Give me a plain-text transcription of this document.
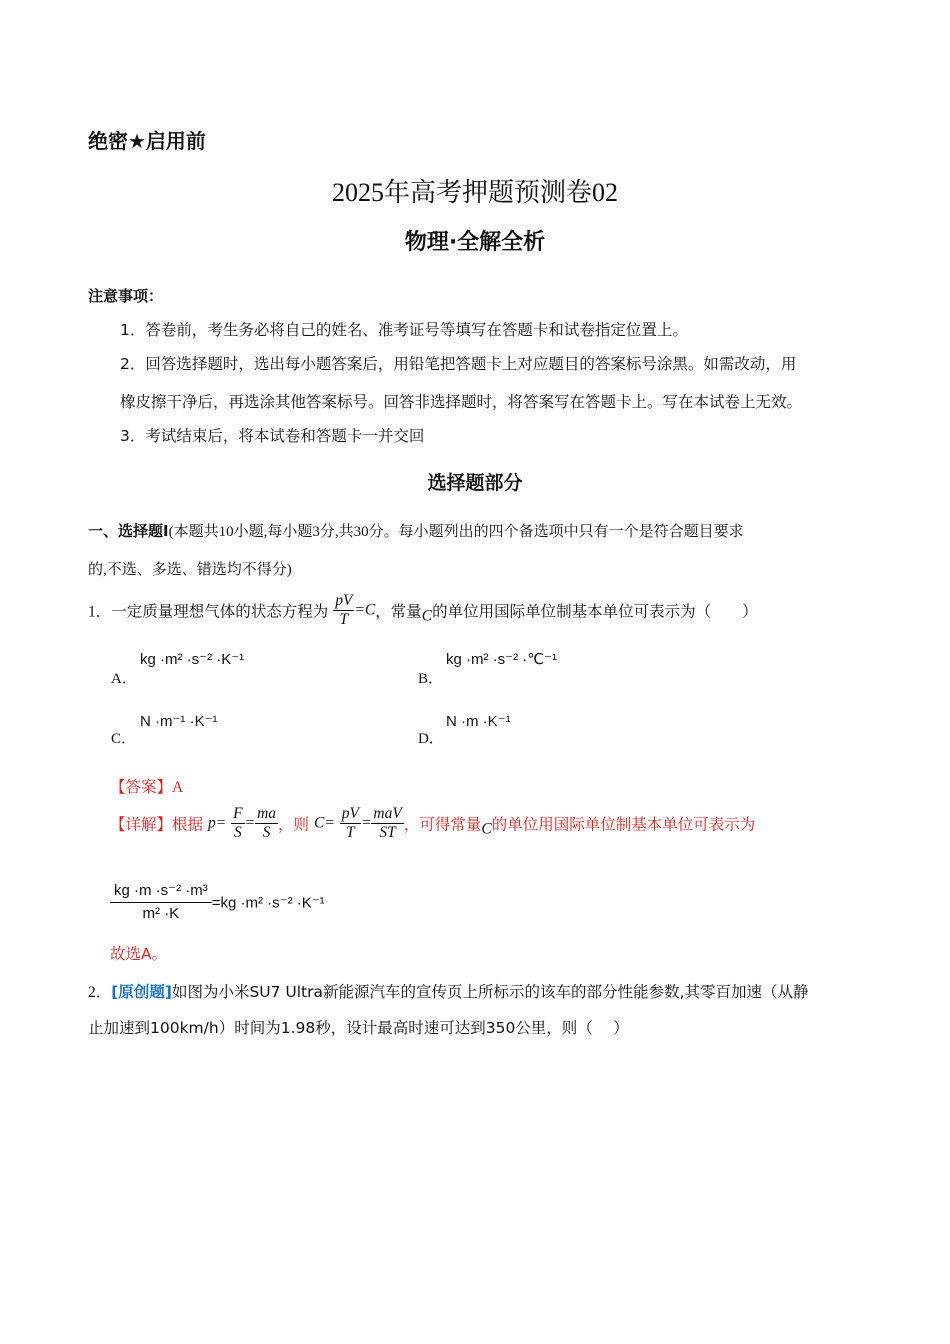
绝密★启用前
2025年高考押题预测卷02
物理·全解全析
注意事项：
1．答卷前，考生务必将自己的姓名、准考证号等填写在答题卡和试卷指定位置上。
2．回答选择题时，选出每小题答案后，用铅笔把答题卡上对应题目的答案标号涂黑。如需改动，用
橡皮擦干净后，再选涂其他答案标号。回答非选择题时，将答案写在答题卡上。写在本试卷上无效。
3．考试结束后，将本试卷和答题卡一并交回
选择题部分
一、选择题Ⅰ(本题共10小题,每小题3分,共30分。每小题列出的四个备选项中只有一个是符合题目要求
的,不选、多选、错选均不得分)
1．一定质量理想气体的状态方程为 $\frac{pV}{T} =C$，常量C的单位用国际单位制基本单位可表示为（　　）
A．
kg ·m² ·s⁻² ·K⁻¹
B．
kg ·m² ·s⁻² ·℃⁻¹
C．
N ·m⁻¹ ·K⁻¹
D．
N ·m ·K⁻¹
【答案】A
【详解】根据 $p= \frac{F}{S} = \frac{ma}{S}$ ，则 $C= \frac{pV}{T} = \frac{\text{maV}}{ST}$ ，可得常量C的单位用国际单位制基本单位可表示为
$\frac{\text{kg ·m ·s⁻² ·m³}}{\text{m² ·K}} =kg \cdot m^2 \cdot s^{-2} \cdot K^{-1}$
故选A。
2．[原创题]如图为小米SU7 Ultra新能源汽车的宣传页上所标示的该车的部分性能参数,其零百加速（从静
止加速到100km/h）时间为1.98秒，设计最高时速可达到350公里，则（　 ）
